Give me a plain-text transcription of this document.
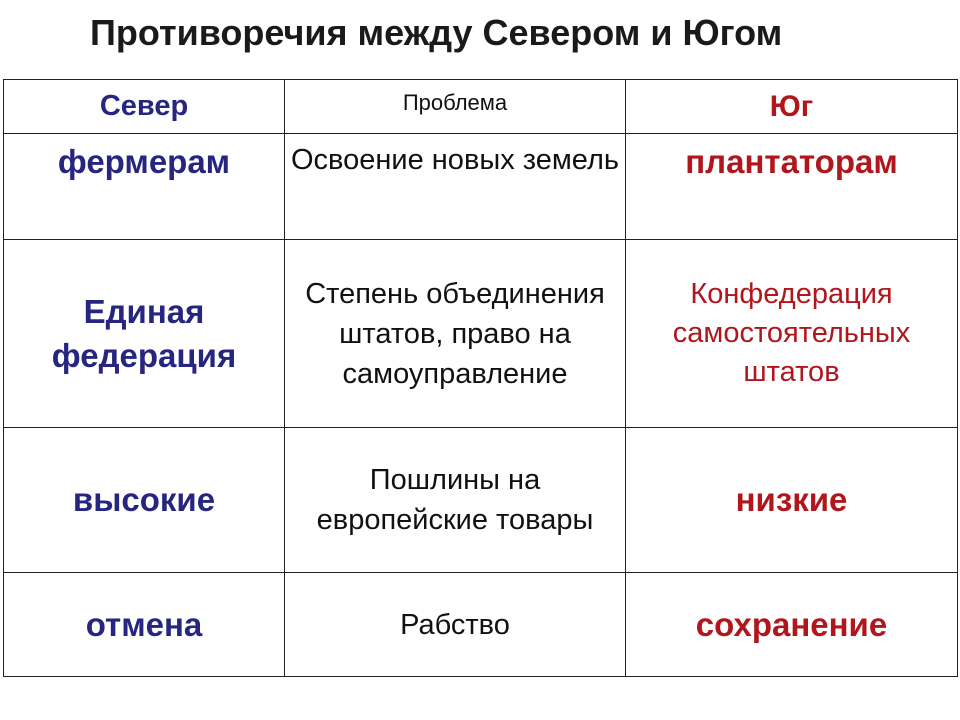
Противоречия между Севером и Югом
Север	Проблема	Юг

фермерам	Освоение новых земель	плантаторам

Единая федерация	Степень объединения штатов, право на самоуправление	Конфедерация самостоятельных штатов

высокие	Пошлины на европейские товары	низкие

отмена	Рабство	сохранение
